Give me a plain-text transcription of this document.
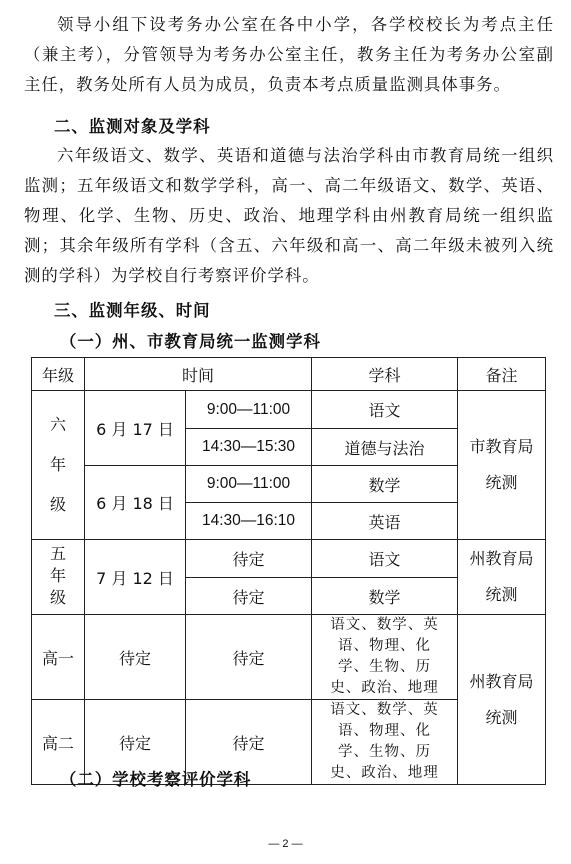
领导小组下设考务办公室在各中小学，各学校校长为考点主任（兼主考），分管领导为考务办公室主任，教务主任为考务办公室副主任，教务处所有人员为成员，负责本考点质量监测具体事务。
二、监测对象及学科
六年级语文、数学、英语和道德与法治学科由市教育局统一组织监测；五年级语文和数学学科，高一、高二年级语文、数学、英语、物理、化学、生物、历史、政治、地理学科由州教育局统一组织监测；其余年级所有学科（含五、六年级和高一、高二年级未被列入统测的学科）为学校自行考察评价学科。
三、监测年级、时间
（一）州、市教育局统一监测学科
年级	时间		学科	备注
六年级	6 月 17 日	9:00—11:00	语文	市教育局统测
		14:30—15:30	道德与法治	
	6 月 18 日	9:00—11:00	数学	
		14:30—16:10	英语	
五年级	7 月 12 日	待定	语文	州教育局统测
		待定	数学	
高一	待定	待定	语文、数学、英语、物理、化学、生物、历史、政治、地理	州教育局统测
高二	待定	待定	语文、数学、英语、物理、化学、生物、历史、政治、地理	
（二）学校考察评价学科
— 2 —
